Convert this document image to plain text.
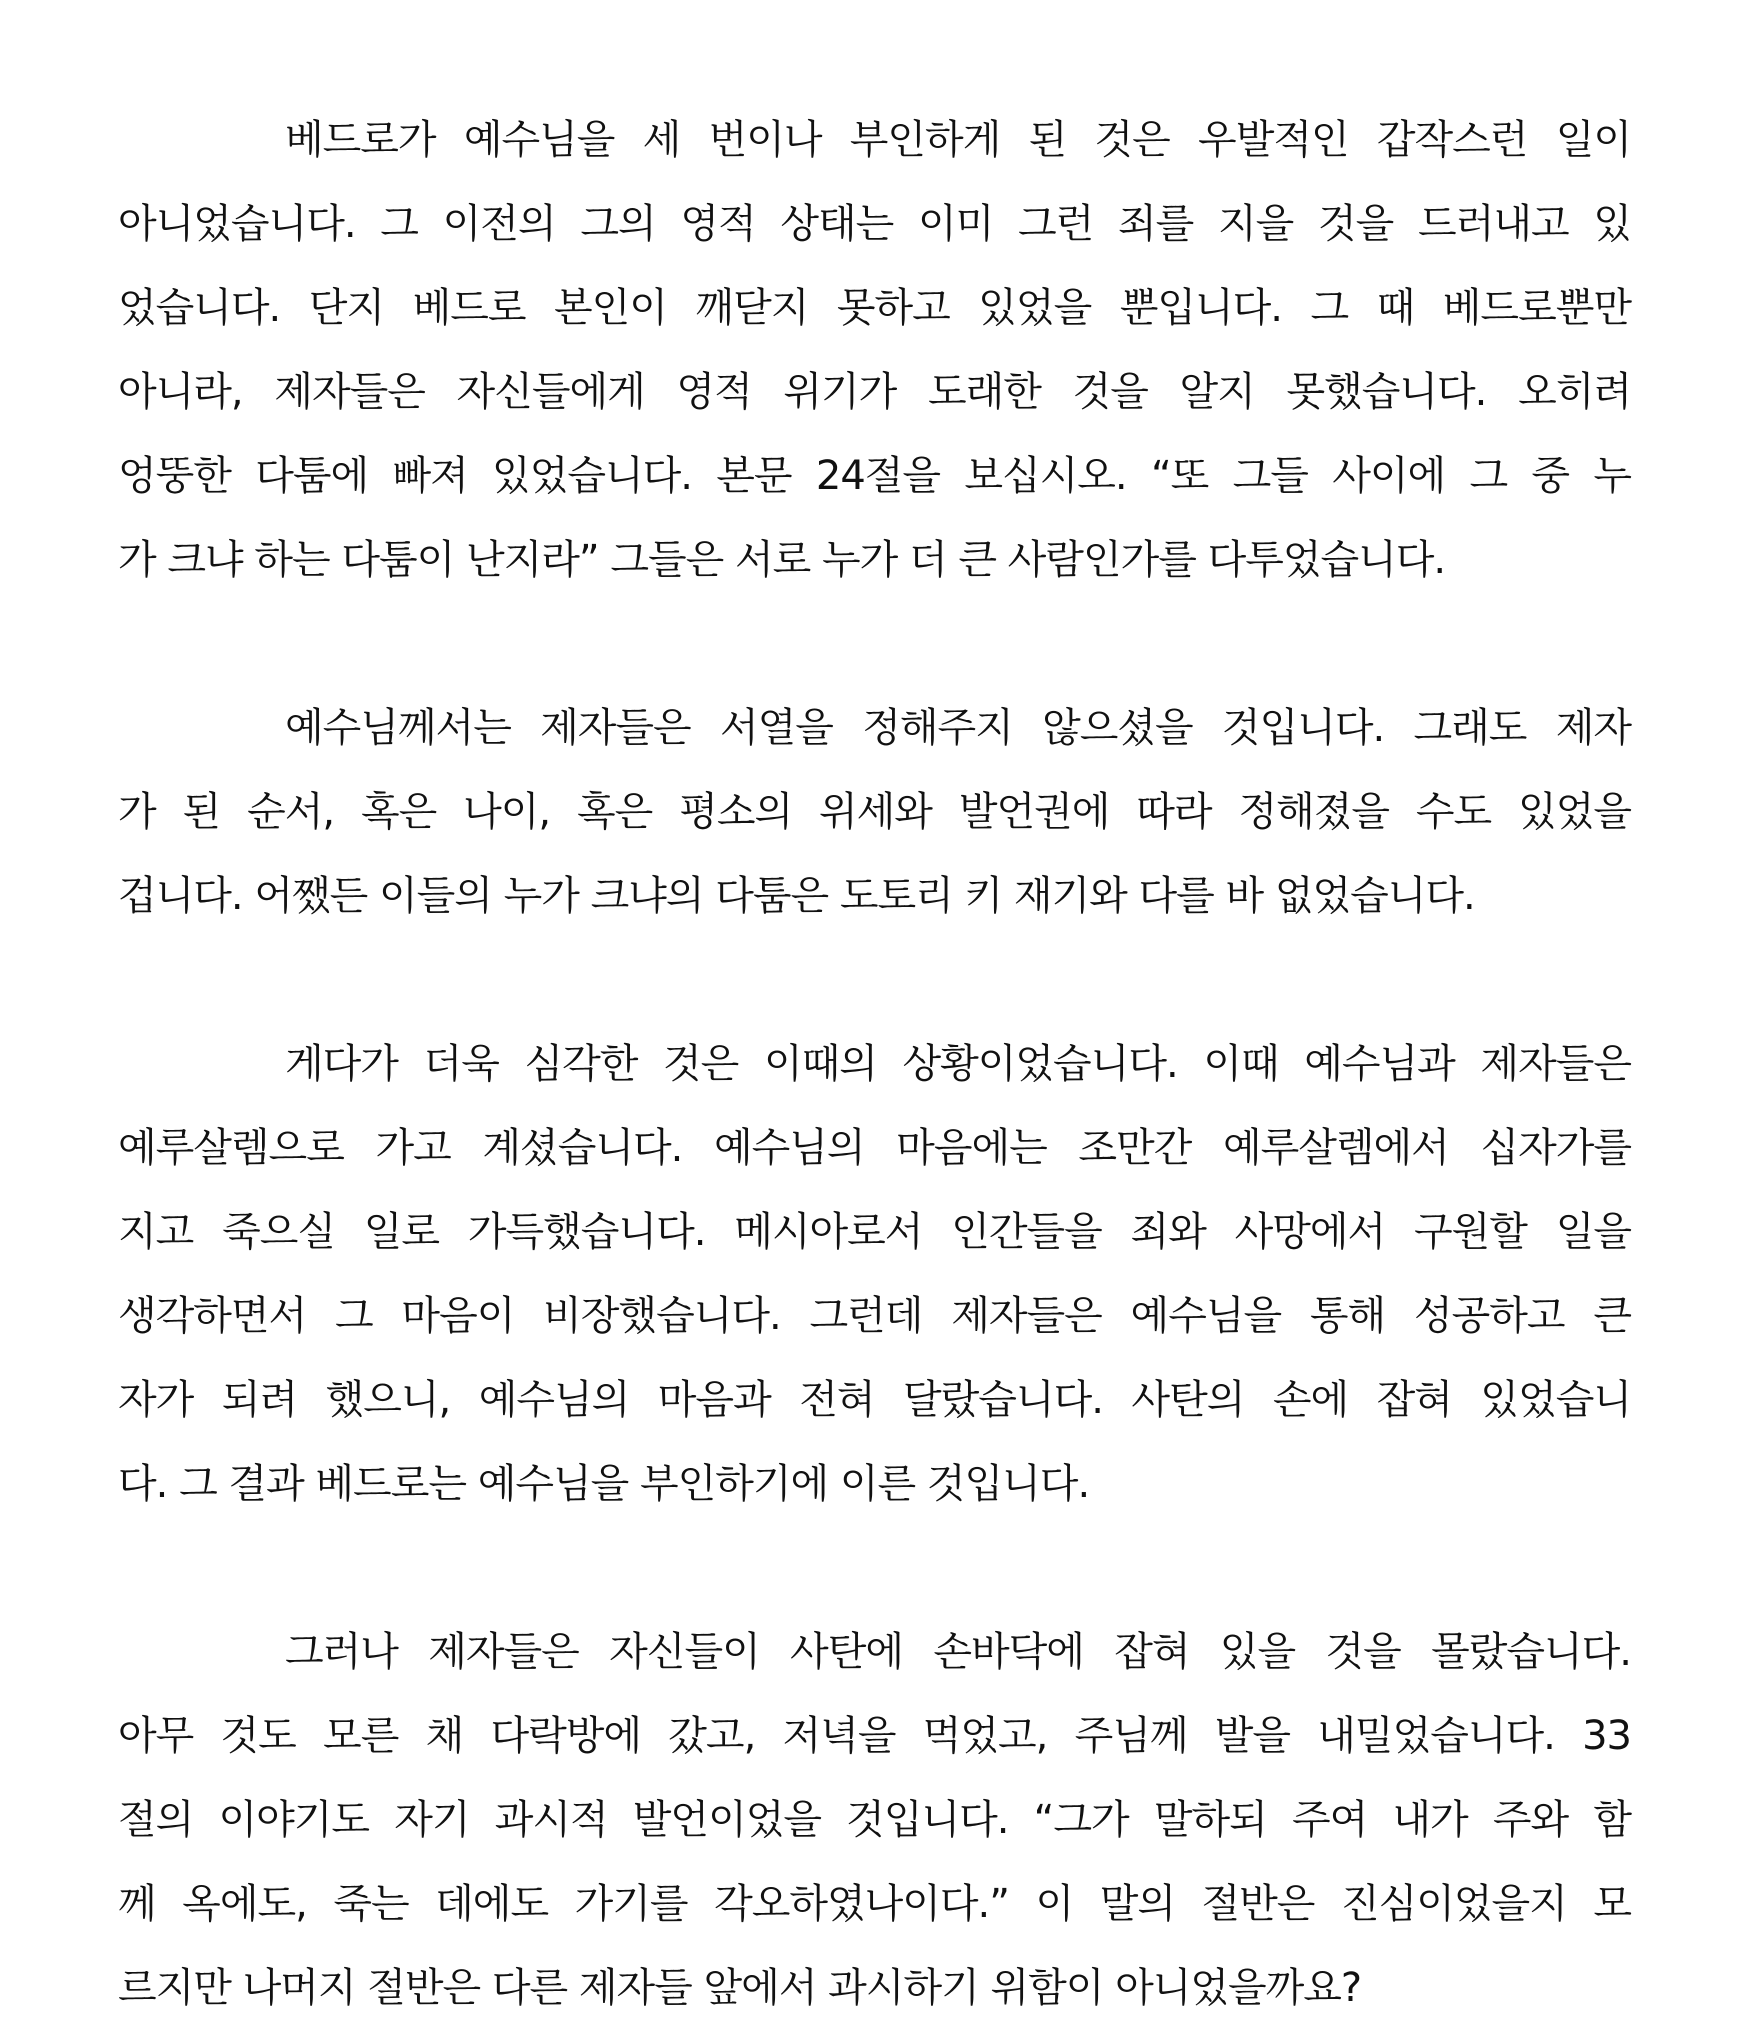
베드로가 예수님을 세 번이나 부인하게 된 것은 우발적인 갑작스런 일이
아니었습니다. 그 이전의 그의 영적 상태는 이미 그런 죄를 지을 것을 드러내고 있
었습니다. 단지 베드로 본인이 깨닫지 못하고 있었을 뿐입니다. 그 때 베드로뿐만
아니라, 제자들은 자신들에게 영적 위기가 도래한 것을 알지 못했습니다. 오히려
엉뚱한 다툼에 빠져 있었습니다. 본문 24절을 보십시오. “또 그들 사이에 그 중 누
가 크냐 하는 다툼이 난지라” 그들은 서로 누가 더 큰 사람인가를 다투었습니다.
예수님께서는 제자들은 서열을 정해주지 않으셨을 것입니다. 그래도 제자
가 된 순서, 혹은 나이, 혹은 평소의 위세와 발언권에 따라 정해졌을 수도 있었을
겁니다. 어쨌든 이들의 누가 크냐의 다툼은 도토리 키 재기와 다를 바 없었습니다.
게다가 더욱 심각한 것은 이때의 상황이었습니다. 이때 예수님과 제자들은
예루살렘으로 가고 계셨습니다. 예수님의 마음에는 조만간 예루살렘에서 십자가를
지고 죽으실 일로 가득했습니다. 메시아로서 인간들을 죄와 사망에서 구원할 일을
생각하면서 그 마음이 비장했습니다. 그런데 제자들은 예수님을 통해 성공하고 큰
자가 되려 했으니, 예수님의 마음과 전혀 달랐습니다. 사탄의 손에 잡혀 있었습니
다. 그 결과 베드로는 예수님을 부인하기에 이른 것입니다.
그러나 제자들은 자신들이 사탄에 손바닥에 잡혀 있을 것을 몰랐습니다.
아무 것도 모른 채 다락방에 갔고, 저녁을 먹었고, 주님께 발을 내밀었습니다. 33
절의 이야기도 자기 과시적 발언이었을 것입니다. “그가 말하되 주여 내가 주와 함
께 옥에도, 죽는 데에도 가기를 각오하였나이다.” 이 말의 절반은 진심이었을지 모
르지만 나머지 절반은 다른 제자들 앞에서 과시하기 위함이 아니었을까요?
